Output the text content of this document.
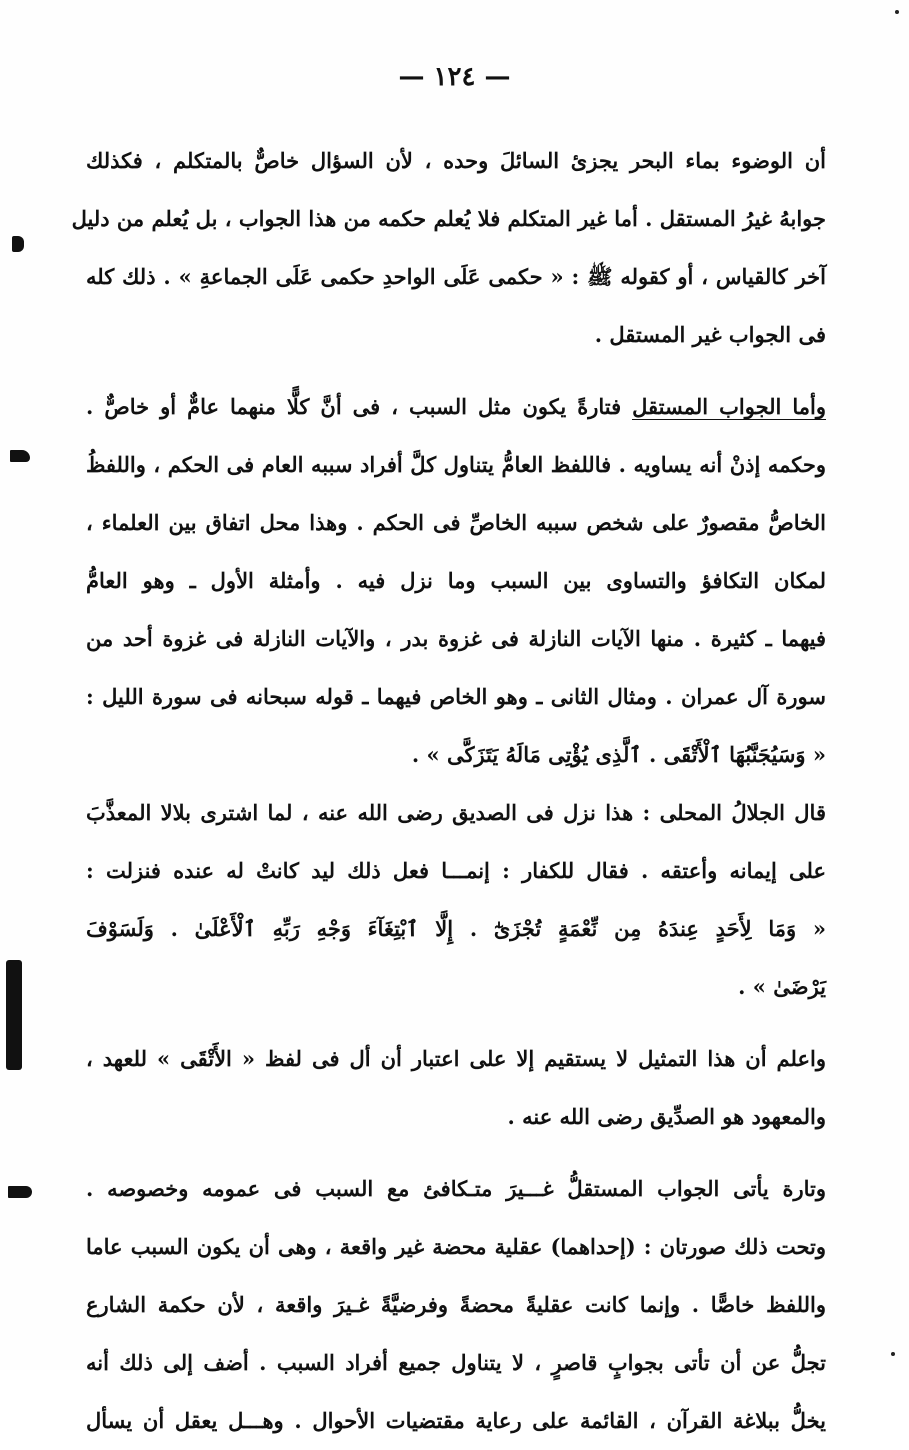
— ١٢٤ —
أن الوضوء بماء البحر يجزئ السائلَ وحده ، لأن السؤال خاصٌّ بالمتكلم ، فكذلك
جوابهُ غيرُ المستقل . أما غير المتكلم فلا يُعلم حكمه من هذا الجواب ، بل يُعلم من دليل
آخر كالقياس ، أو كقوله ﷺ : « حكمى عَلَى الواحدِ حكمى عَلَى الجماعةِ » . ذلك كله
فى الجواب غير المستقل .
وأما الجواب المستقل فتارةً يكون مثل السبب ، فى أنَّ كلًّا منهما عامٌّ أو خاصٌّ .
وحكمه إذنْ أنه يساويه . فاللفظ العامُّ يتناول كلَّ أفراد سببه العام فى الحكم ، واللفظُ
الخاصُّ مقصورٌ على شخص سببه الخاصِّ فى الحكم . وهذا محل اتفاق بين العلماء ،
لمكان التكافؤ والتساوى بين السبب وما نزل فيه . وأمثلة الأول ـ وهو العامُّ
فيهما ـ كثيرة . منها الآيات النازلة فى غزوة بدر ، والآيات النازلة فى غزوة أحد من
سورة آل عمران . ومثال الثانى ـ وهو الخاص فيهما ـ قوله سبحانه فى سورة الليل :
« وَسَيُجَنَّبُهَا ٱلْأَتْقَى . ٱلَّذِى يُؤْتِى مَالَهُ يَتَزَكَّى » .
قال الجلالُ المحلى : هذا نزل فى الصديق رضى الله عنه ، لما اشترى بلالا المعذَّبَ
على إيمانه وأعتقه . فقال للكفار : إنمـــا فعل ذلك ليد كانتْ له عنده فنزلت :
« وَمَا لِأَحَدٍ عِندَهُ مِن نِّعْمَةٍ تُجْزَىٰٓ . إِلَّا ٱبْتِغَآءَ وَجْهِ رَبِّهِ ٱلْأَعْلَىٰ . وَلَسَوْفَ
يَرْضَىٰ » .
واعلم أن هذا التمثيل لا يستقيم إلا على اعتبار أن أل فى لفظ « الأَتْقَى » للعهد ،
والمعهود هو الصدِّيق رضى الله عنه .
وتارة يأتى الجواب المستقلُّ غـــيرَ متـكافئ مع السبب فى عمومه وخصوصه .
وتحت ذلك صورتان : (إحداهما) عقلية محضة غير واقعة ، وهى أن يكون السبب عاما
واللفظ خاصًّا . وإنما كانت عقليةً محضةً وفرضيَّةً غـيرَ واقعة ، لأن حكمة الشارع
تجلُّ عن أن تأتى بجوابٍ قاصرٍ ، لا يتناول جميع أفراد السبب . أضف إلى ذلك أنه
يخلُّ ببلاغة القرآن ، القائمة على رعاية مقتضيات الأحوال . وهـــل يعقل أن يسأل
